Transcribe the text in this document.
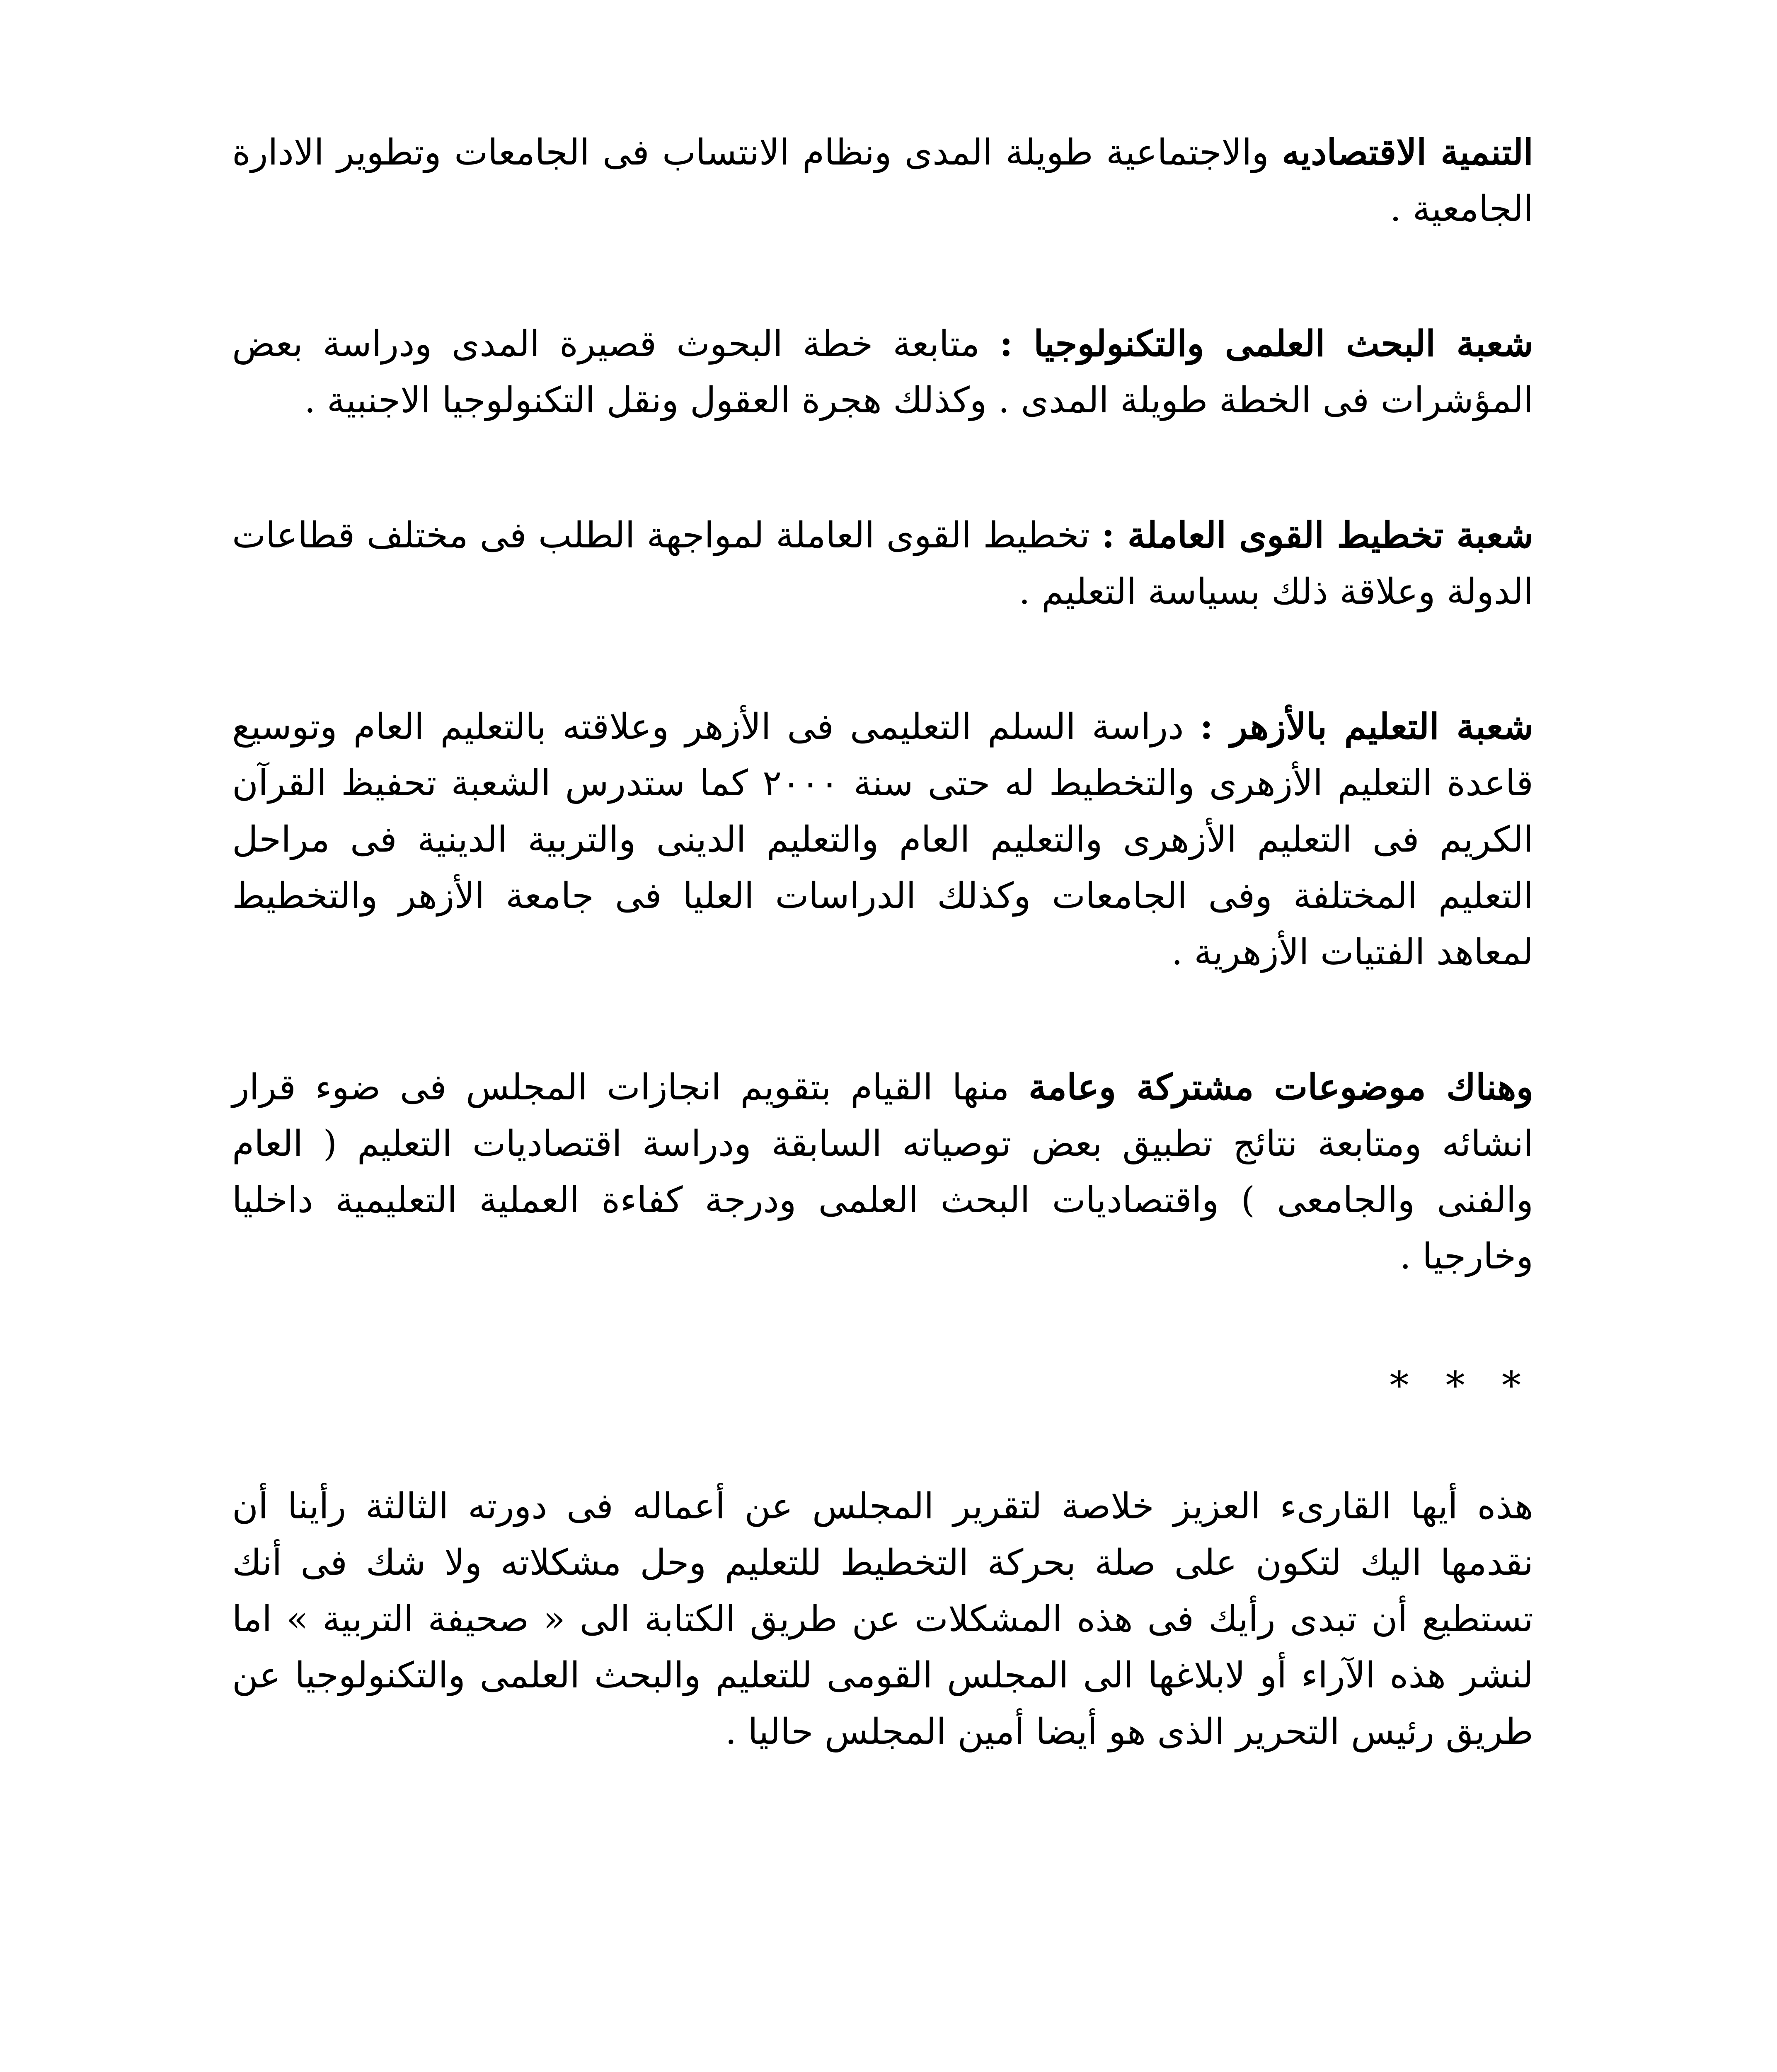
التنمية الاقتصاديه والاجتماعية طويلة المدى ونظام الانتساب فى الجامعات وتطوير الادارة الجامعية .

شعبة البحث العلمى والتكنولوجيا : متابعة خطة البحوث قصيرة المدى ودراسة بعض المؤشرات فى الخطة طويلة المدى . وكذلك هجرة العقول ونقل التكنولوجيا الاجنبية .

شعبة تخطيط القوى العاملة : تخطيط القوى العاملة لمواجهة الطلب فى مختلف قطاعات الدولة وعلاقة ذلك بسياسة التعليم .

شعبة التعليم بالأزهر : دراسة السلم التعليمى فى الأزهر وعلاقته بالتعليم العام وتوسيع قاعدة التعليم الأزهرى والتخطيط له حتى سنة ٢٠٠٠ كما ستدرس الشعبة تحفيظ القرآن الكريم فى التعليم الأزهرى والتعليم العام والتعليم الدينى والتربية الدينية فى مراحل التعليم المختلفة وفى الجامعات وكذلك الدراسات العليا فى جامعة الأزهر والتخطيط لمعاهد الفتيات الأزهرية .

وهناك موضوعات مشتركة وعامة منها القيام بتقويم انجازات المجلس فى ضوء قرار انشائه ومتابعة نتائج تطبيق بعض توصياته السابقة ودراسة اقتصاديات التعليم ( العام والفنى والجامعى ) واقتصاديات البحث العلمى ودرجة كفاءة العملية التعليمية داخليا وخارجيا .

* * *

هذه أيها القارىء العزيز خلاصة لتقرير المجلس عن أعماله فى دورته الثالثة رأينا أن نقدمها اليك لتكون على صلة بحركة التخطيط للتعليم وحل مشكلاته ولا شك فى أنك تستطيع أن تبدى رأيك فى هذه المشكلات عن طريق الكتابة الى « صحيفة التربية » اما لنشر هذه الآراء أو لابلاغها الى المجلس القومى للتعليم والبحث العلمى والتكنولوجيا عن طريق رئيس التحرير الذى هو أيضا أمين المجلس حاليا .
